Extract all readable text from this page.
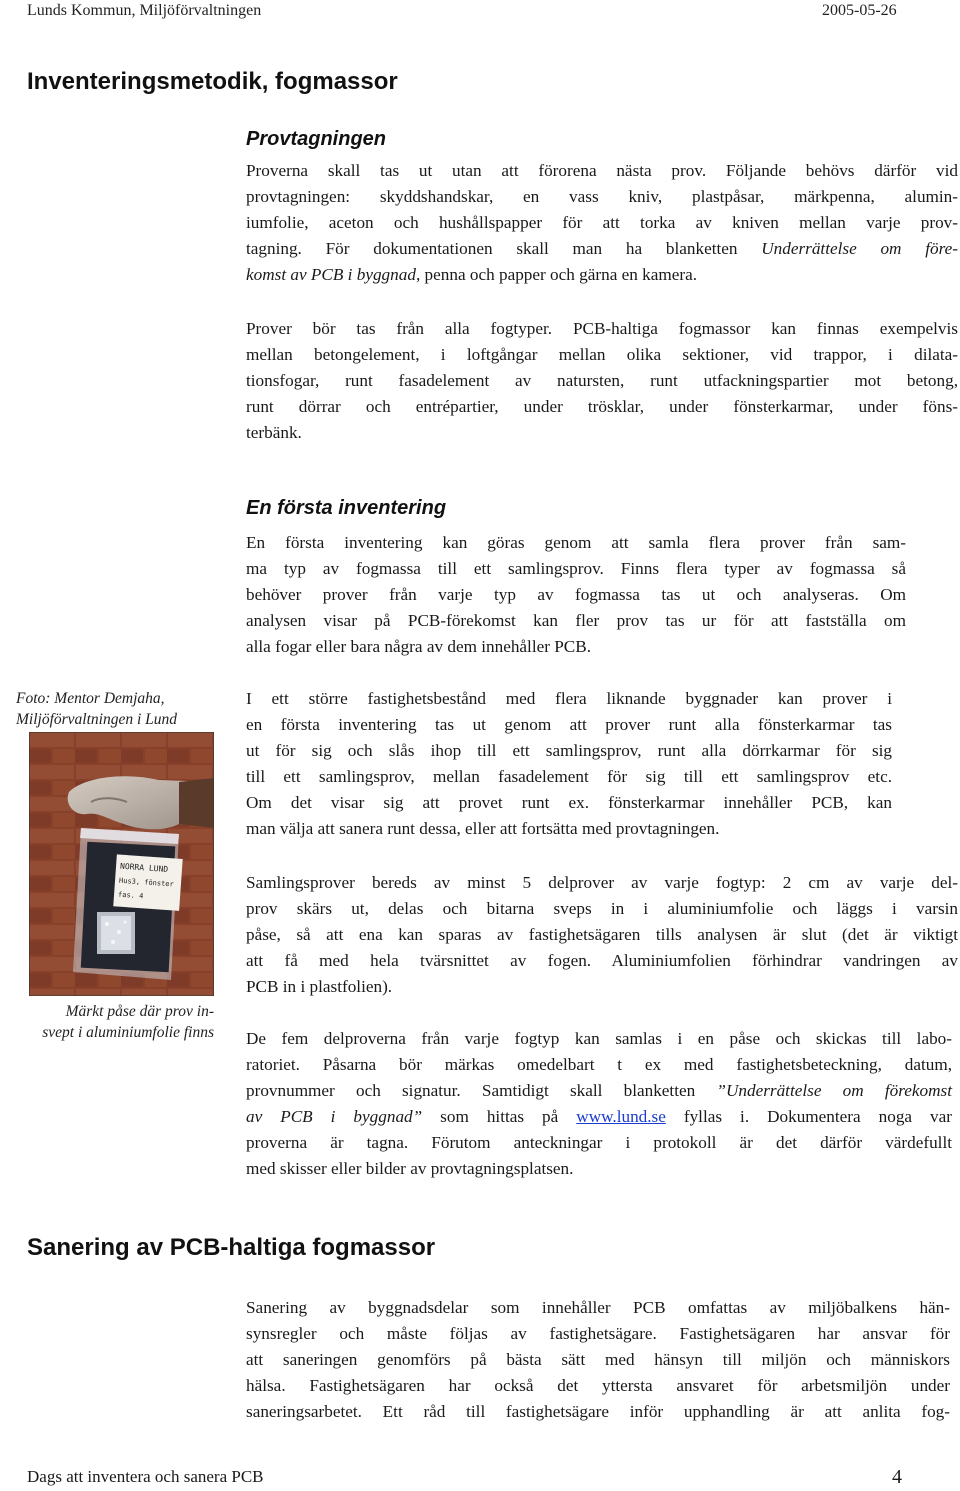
Lunds Kommun, Miljöförvaltningen	2005-05-26
Inventeringsmetodik, fogmassor
Provtagningen
Proverna skall tas ut utan att förorena nästa prov. Följande behövs därför vid
provtagningen: skyddshandskar, en vass kniv, plastpåsar, märkpenna, alumin-
iumfolie, aceton och hushållspapper för att torka av kniven mellan varje prov-
tagning. För dokumentationen skall man ha blanketten Underrättelse om före-
komst av PCB i byggnad, penna och papper och gärna en kamera.
Prover bör tas från alla fogtyper. PCB-haltiga fogmassor kan finnas exempelvis
mellan betongelement, i loftgångar mellan olika sektioner, vid trappor, i dilata-
tionsfogar, runt fasadelement av natursten, runt utfackningspartier mot betong,
runt dörrar och entrépartier, under trösklar, under fönsterkarmar, under föns-
terbänk.
En första inventering
En första inventering kan göras genom att samla flera prover från sam-
ma typ av fogmassa till ett samlingsprov. Finns flera typer av fogmassa så
behöver prover från varje typ av fogmassa tas ut och analyseras. Om
analysen visar på PCB-förekomst kan fler prov tas ur för att fastställa om
alla fogar eller bara några av dem innehåller PCB.
I ett större fastighetsbestånd med flera liknande byggnader kan prover i
en första inventering tas ut genom att prover runt alla fönsterkarmar tas
ut för sig och slås ihop till ett samlingsprov, runt alla dörrkarmar för sig
till ett samlingsprov, mellan fasadelement för sig till ett samlingsprov etc.
Om det visar sig att provet runt ex. fönsterkarmar innehåller PCB, kan
man välja att sanera runt dessa, eller att fortsätta med provtagningen.
Samlingsprover bereds av minst 5 delprover av varje fogtyp: 2 cm av varje del-
prov skärs ut, delas och bitarna sveps in i aluminiumfolie och läggs i varsin
påse, så att ena kan sparas av fastighetsägaren tills analysen är slut (det är viktigt
att få med hela tvärsnittet av fogen. Aluminiumfolien förhindrar vandringen av
PCB in i plastfolien).
De fem delproverna från varje fogtyp kan samlas i en påse och skickas till labo-
ratoriet. Påsarna bör märkas omedelbart t ex med fastighetsbeteckning, datum,
provnummer och signatur. Samtidigt skall blanketten ”Underrättelse om förekomst
av PCB i byggnad” som hittas på www.lund.se fyllas i. Dokumentera noga var
proverna är tagna. Förutom anteckningar i protokoll är det därför värdefullt
med skisser eller bilder av provtagningsplatsen.
Foto: Mentor Demjaha,
Miljöförvaltningen i Lund
NORRA LUND
Hus3, fönster
fas. 4
Märkt påse där prov in-
svept i aluminiumfolie finns
Sanering av PCB-haltiga fogmassor
Sanering av byggnadsdelar som innehåller PCB omfattas av miljöbalkens hän-
synsregler och måste följas av fastighetsägare. Fastighetsägaren har ansvar för
att saneringen genomförs på bästa sätt med hänsyn till miljön och människors
hälsa. Fastighetsägaren har också det yttersta ansvaret för arbetsmiljön under
saneringsarbetet. Ett råd till fastighetsägare inför upphandling är att anlita fog-
Dags att inventera och sanera PCB	4
